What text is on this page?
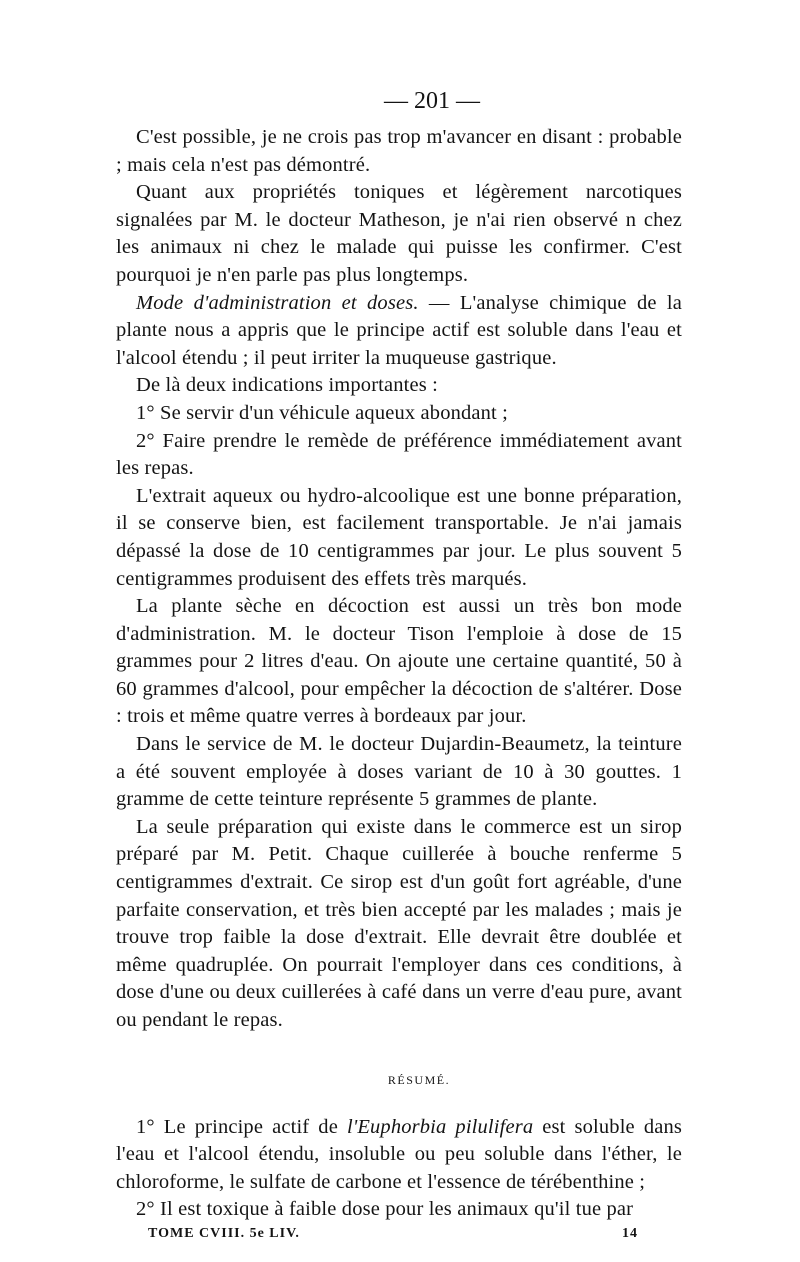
— 201 —

C'est possible, je ne crois pas trop m'avancer en disant : probable ; mais cela n'est pas démontré.

Quant aux propriétés toniques et légèrement narcotiques signalées par M. le docteur Matheson, je n'ai rien observé n chez les animaux ni chez le malade qui puisse les confirmer. C'est pourquoi je n'en parle pas plus longtemps.

Mode d'administration et doses. — L'analyse chimique de la plante nous a appris que le principe actif est soluble dans l'eau et l'alcool étendu ; il peut irriter la muqueuse gastrique.

De là deux indications importantes :

1° Se servir d'un véhicule aqueux abondant ;

2° Faire prendre le remède de préférence immédiatement avant les repas.

L'extrait aqueux ou hydro-alcoolique est une bonne préparation, il se conserve bien, est facilement transportable. Je n'ai jamais dépassé la dose de 10 centigrammes par jour. Le plus souvent 5 centigrammes produisent des effets très marqués.

La plante sèche en décoction est aussi un très bon mode d'administration. M. le docteur Tison l'emploie à dose de 15 grammes pour 2 litres d'eau. On ajoute une certaine quantité, 50 à 60 grammes d'alcool, pour empêcher la décoction de s'altérer. Dose : trois et même quatre verres à bordeaux par jour.

Dans le service de M. le docteur Dujardin-Beaumetz, la teinture a été souvent employée à doses variant de 10 à 30 gouttes. 1 gramme de cette teinture représente 5 grammes de plante.

La seule préparation qui existe dans le commerce est un sirop préparé par M. Petit. Chaque cuillerée à bouche renferme 5 centigrammes d'extrait. Ce sirop est d'un goût fort agréable, d'une parfaite conservation, et très bien accepté par les malades ; mais je trouve trop faible la dose d'extrait. Elle devrait être doublée et même quadruplée. On pourrait l'employer dans ces conditions, à dose d'une ou deux cuillerées à café dans un verre d'eau pure, avant ou pendant le repas.

RÉSUMÉ.

1° Le principe actif de l'Euphorbia pilulifera est soluble dans l'eau et l'alcool étendu, insoluble ou peu soluble dans l'éther, le chloroforme, le sulfate de carbone et l'essence de térébenthine ;

2° Il est toxique à faible dose pour les animaux qu'il tue par

TOME CVIII. 5e LIV.	14
